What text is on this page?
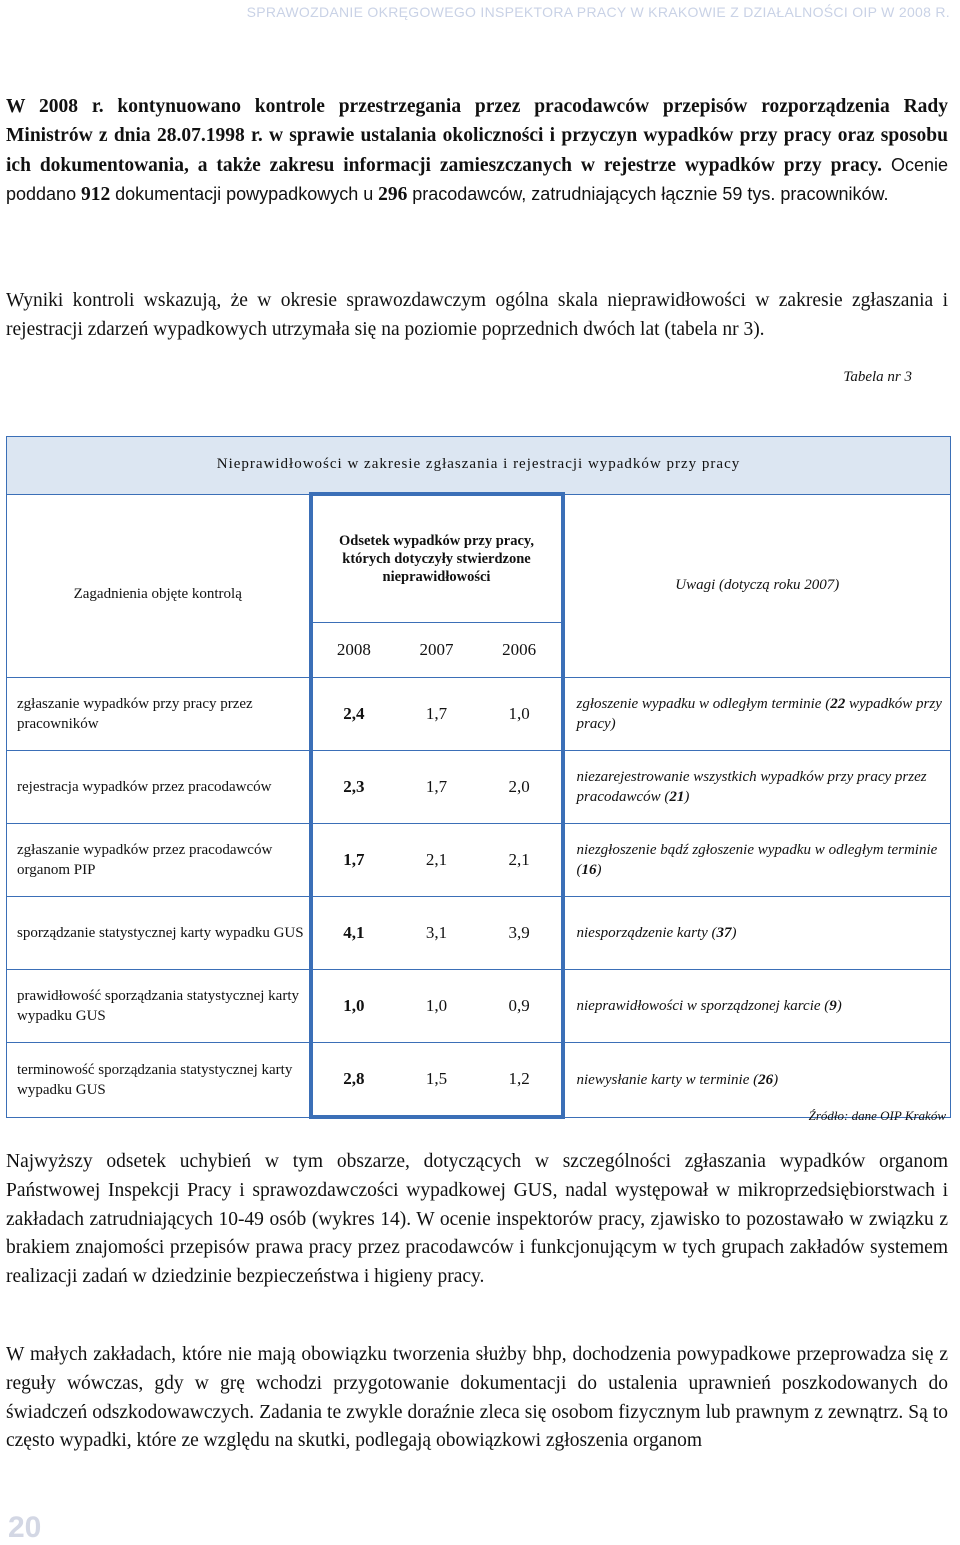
SPRAWOZDANIE OKRĘGOWEGO INSPEKTORA PRACY W KRAKOWIE Z DZIAŁALNOŚCI OIP W 2008 R.
W 2008 r. kontynuowano kontrole przestrzegania przez pracodawców przepisów rozporządzenia Rady Ministrów z dnia 28.07.1998 r. w sprawie ustalania okoliczności i przyczyn wypadków przy pracy oraz sposobu ich dokumentowania, a także zakresu informacji zamieszczanych w rejestrze wypadków przy pracy. Ocenie poddano 912 dokumentacji powypadkowych u 296 pracodawców, zatrudniających łącznie 59 tys. pracowników.
Wyniki kontroli wskazują, że w okresie sprawozdawczym ogólna skala nieprawidłowości w zakresie zgłaszania i rejestracji zdarzeń wypadkowych utrzymała się na poziomie poprzednich dwóch lat (tabela nr 3).
Tabela nr 3
Nieprawidłowości w zakresie zgłaszania i rejestracji wypadków przy pracy		
Zagadnienia objęte kontrolą	Odsetek wypadków przy pracy, których dotyczyły stwierdzone nieprawidłowości	Uwagi (dotyczą roku 2007)

	2008 2007 2006	

zgłaszanie wypadków przy pracy przez pracowników	2,4 1,7 1,0	zgłoszenie wypadku w odległym terminie (22 wypadków przy pracy)
rejestracja wypadków przez pracodawców	2,3 1,7 2,0	niezarejestrowanie wszystkich wypadków przy pracy przez pracodawców (21)
zgłaszanie wypadków przez pracodawców organom PIP	1,7 2,1 2,1	niezgłoszenie bądź zgłoszenie wypadku w odległym terminie (16)
sporządzanie statystycznej karty wypadku GUS	4,1 3,1 3,9	niesporządzenie karty (37)
prawidłowość sporządzania statystycznej karty wypadku GUS	1,0 1,0 0,9	nieprawidłowości w sporządzonej karcie (9)
terminowość sporządzania statystycznej karty wypadku GUS	2,8 1,5 1,2	niewysłanie karty w terminie (26)
Źródło: dane OIP Kraków
Najwyższy odsetek uchybień w tym obszarze, dotyczących w szczególności zgłaszania wypadków organom Państwowej Inspekcji Pracy i sprawozdawczości wypadkowej GUS, nadal występował w mikroprzedsiębiorstwach i zakładach zatrudniających 10-49 osób (wykres 14). W ocenie inspektorów pracy, zjawisko to pozostawało w związku z brakiem znajomości przepisów prawa pracy przez pracodawców i funkcjonującym w tych grupach zakładów systemem realizacji zadań w dziedzinie bezpieczeństwa i higieny pracy.
W małych zakładach, które nie mają obowiązku tworzenia służby bhp, dochodzenia powypadkowe przeprowadza się z reguły wówczas, gdy w grę wchodzi przygotowanie dokumentacji do ustalenia uprawnień poszkodowanych do świadczeń odszkodowawczych. Zadania te zwykle doraźnie zleca się osobom fizycznym lub prawnym z zewnątrz. Są to często wypadki, które ze względu na skutki, podlegają obowiązkowi zgłoszenia organom
20
